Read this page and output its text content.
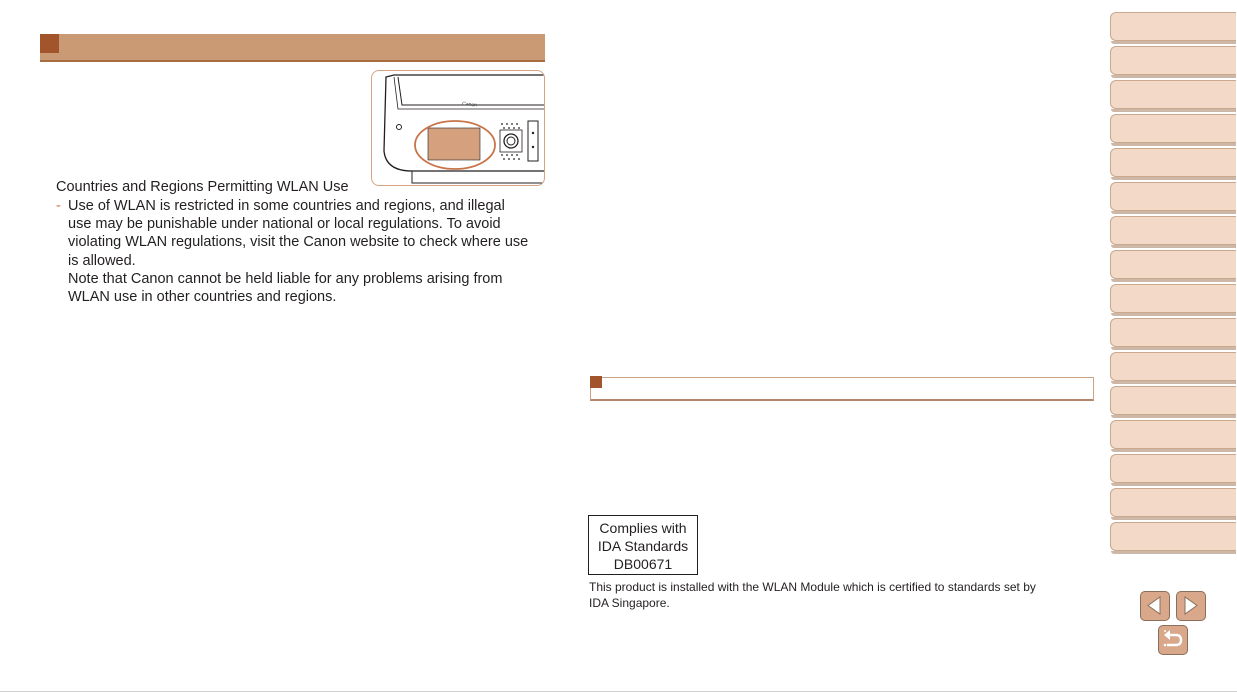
Canon
Countries and Regions Permitting WLAN Use
- Use of WLAN is restricted in some countries and regions, and illegal
use may be punishable under national or local regulations. To avoid
violating WLAN regulations, visit the Canon website to check where use
is allowed.
Note that Canon cannot be held liable for any problems arising from
WLAN use in other countries and regions.
Complies with
IDA Standards
DB00671
This product is installed with the WLAN Module which is certified to standards set by
IDA Singapore.
